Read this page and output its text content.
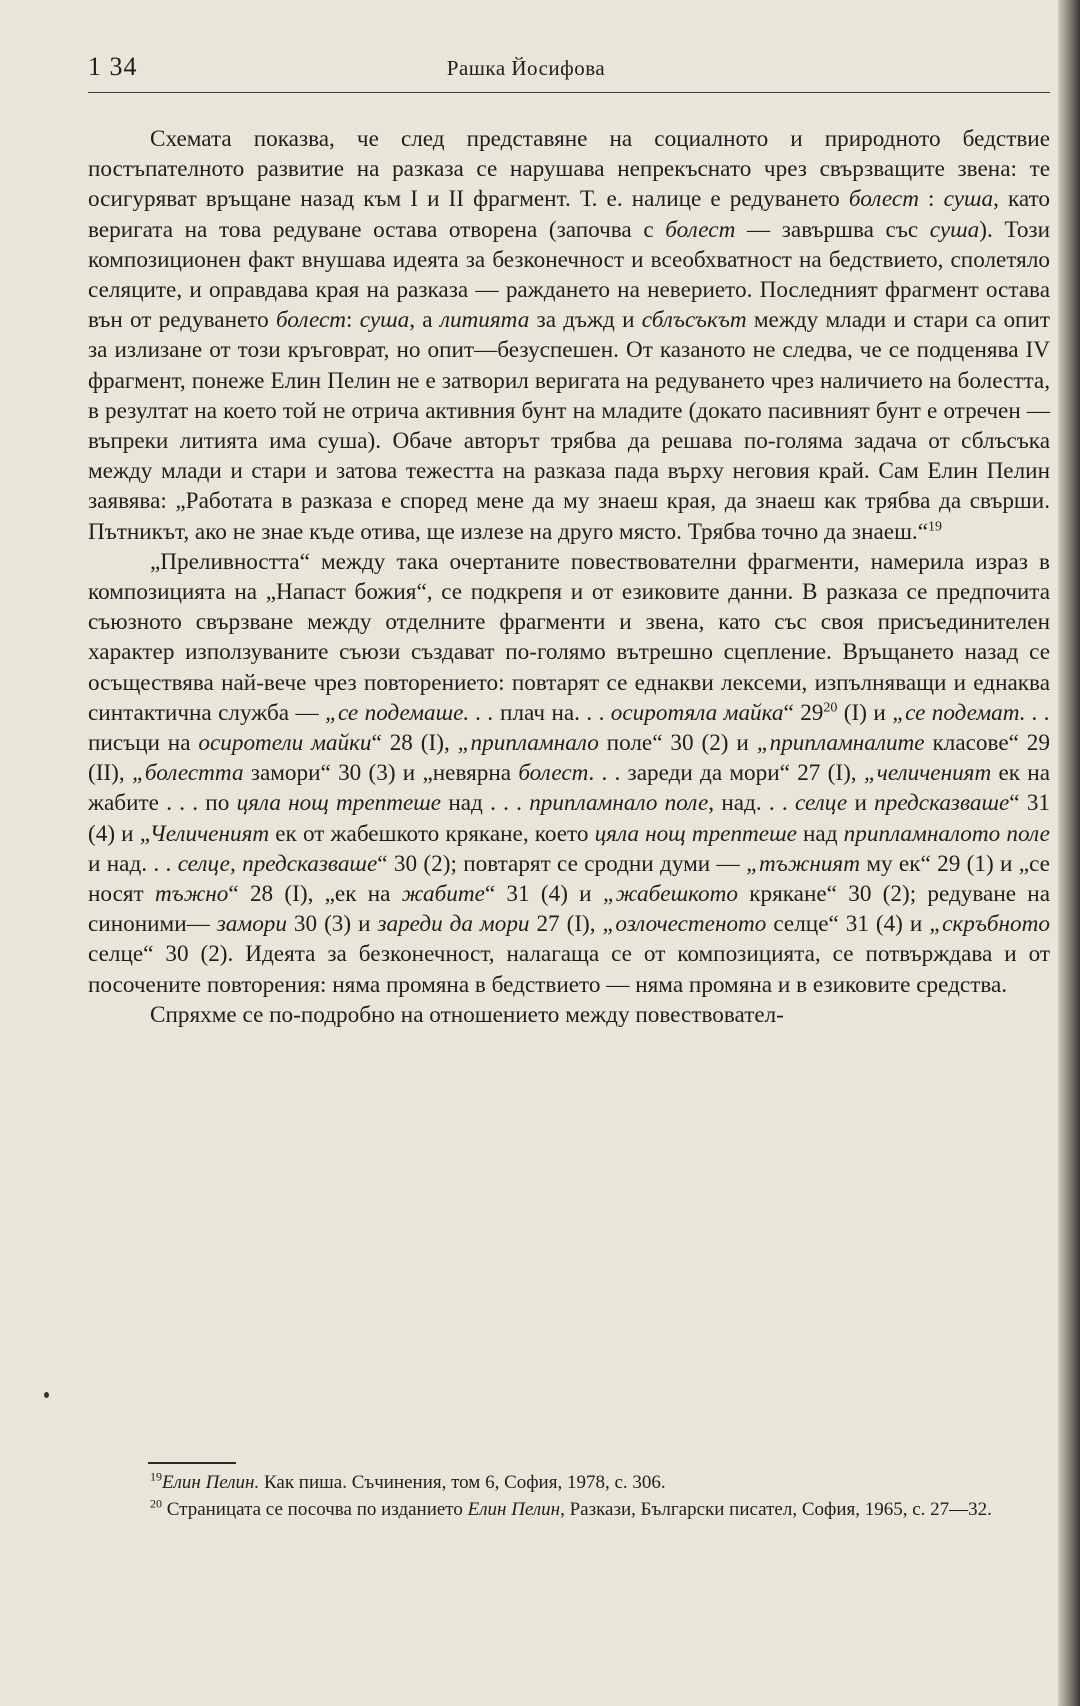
1 34	Рашка Йосифова

Схемата показва, че след представяне на социалното и природното бедствие постъпателното развитие на разказа се нарушава непрекъснато чрез свързващите звена: те осигуряват връщане назад към I и II фрагмент. Т. е. налице е редуването болест : суша, като веригата на това редуване остава отворена (започва с болест — завършва със суша). Този композиционен факт внушава идеята за безконечност и всеобхватност на бедствието, сполетяло селяците, и оправдава края на разказа — раждането на неверието. Последният фрагмент остава вън от редуването болест: суша, а литията за дъжд и сблъсъкът между млади и стари са опит за излизане от този кръговрат, но опит—безуспешен. От казаното не следва, че се подценява IV фрагмент, понеже Елин Пелин не е затворил веригата на редуването чрез наличието на болестта, в резултат на което той не отрича активния бунт на младите (докато пасивният бунт е отречен — въпреки литията има суша). Обаче авторът трябва да решава по-голяма задача от сблъсъка между млади и стари и затова тежестта на разказа пада върху неговия край. Сам Елин Пелин заявява: „Работата в разказа е според мене да му знаеш края, да знаеш как трябва да свърши. Пътникът, ако не знае къде отива, ще излезе на друго място. Трябва точно да знаеш.“$^{19}$

„Преливността“ между така очертаните повествователни фрагменти, намерила израз в композицията на „Напаст божия“, се подкрепя и от езиковите данни. В разказа се предпочита съюзното свързване между отделните фрагменти и звена, като със своя присъединителен характер използуваните съюзи създават по-голямо вътрешно сцепление. Връщането назад се осъществява най-вече чрез повторението: повтарят се еднакви лексеми, изпълняващи и еднаква синтактична служба — „се подемаше. . . плач на. . . осиротяла майка“ $29^{20}$ (I) и „се подемат. . . писъци на осиротели майки“ 28 (I), „припламнало поле“ 30 (2) и „припламналите класове“ 29 (II), „болестта замори“ 30 (3) и „невярна болест. . . зареди да мори“ 27 (I), „челичeният ек на жабите . . . по цяла нощ трептеше над . . . припламнало поле, над. . . селце и предсказваше“ 31 (4) и „Челичeният ек от жабешкото крякане, което цяла нощ трептеше над припламналото поле и над. . . селце, предсказваше“ 30 (2); повтарят се сродни думи — „тъжният му ек“ 29 (1) и „се носят тъжно“ 28 (I), „ек на жабите“ 31 (4) и „жабешкото крякане“ 30 (2); редуване на синоними— замори 30 (3) и зареди да мори 27 (I), „озлочестеното селце“ 31 (4) и „скръбното селце“ 30 (2). Идеята за безконечност, налагаща се от композицията, се потвърждава и от посочените повторения: няма промяна в бедствието — няма промяна и в езиковите средства.

Спряхме се по-подробно на отношението между повествовател-

$^{19}$Елин Пелин. Как пиша. Съчинения, том 6, София, 1978, с. 306.

$^{20}$ Страницата се посочва по изданието Елин Пелин, Разкази, Български писател, София, 1965, с. 27—32.
